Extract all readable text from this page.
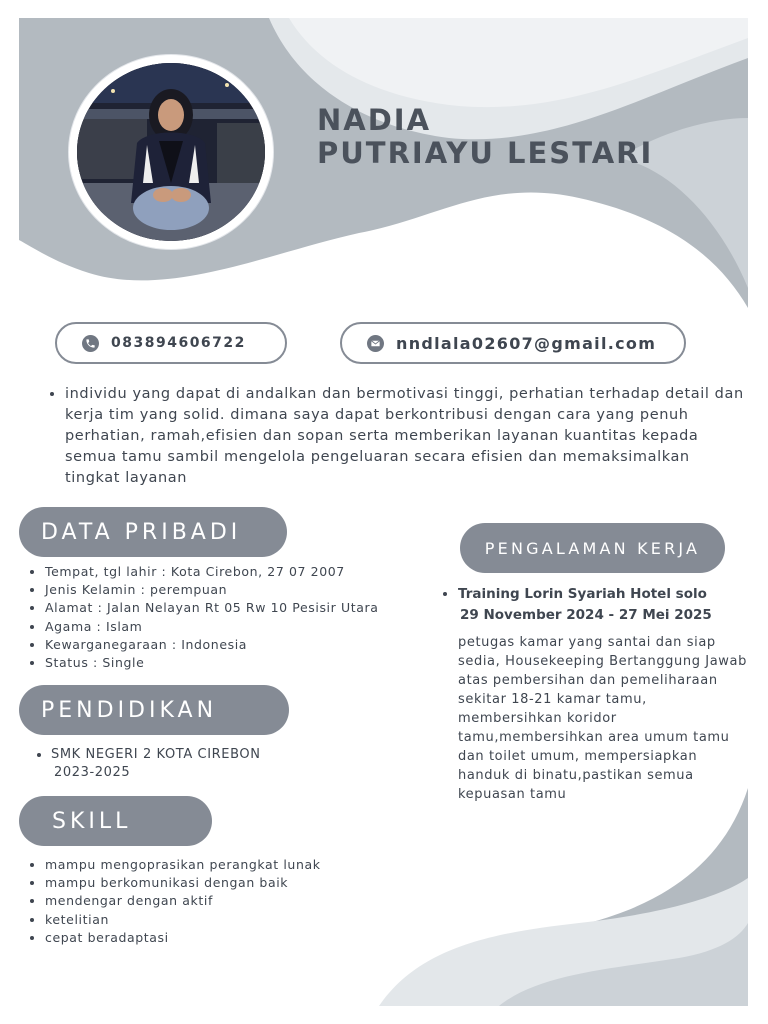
NADIA
PUTRIAYU LESTARI
083894606722	nndlala02607@gmail.com
• individu yang dapat di andalkan dan bermotivasi tinggi, perhatian terhadap detail dan kerja tim yang solid. dimana saya dapat berkontribusi dengan cara yang penuh perhatian, ramah,efisien dan sopan serta memberikan layanan kuantitas kepada semua tamu sambil mengelola pengeluaran secara efisien dan memaksimalkan tingkat layanan
DATA PRIBADI
• Tempat, tgl lahir : Kota Cirebon, 27 07 2007
• Jenis Kelamin : perempuan
• Alamat : Jalan Nelayan Rt 05 Rw 10 Pesisir Utara
• Agama : Islam
• Kewarganegaraan : Indonesia
• Status : Single
PENDIDIKAN
• SMK NEGERI 2 KOTA CIREBON
2023-2025
SKILL
• mampu mengoprasikan perangkat lunak
• mampu berkomunikasi dengan baik
• mendengar dengan aktif
• ketelitian
• cepat beradaptasi
PENGALAMAN KERJA
• Training Lorin Syariah Hotel solo
29 November 2024 - 27 Mei 2025
petugas kamar yang santai dan siap sedia, Housekeeping Bertanggung Jawab atas pembersihan dan pemeliharaan sekitar 18-21 kamar tamu, membersihkan koridor tamu,membersihkan area umum tamu dan toilet umum, mempersiapkan handuk di binatu,pastikan semua kepuasan tamu
